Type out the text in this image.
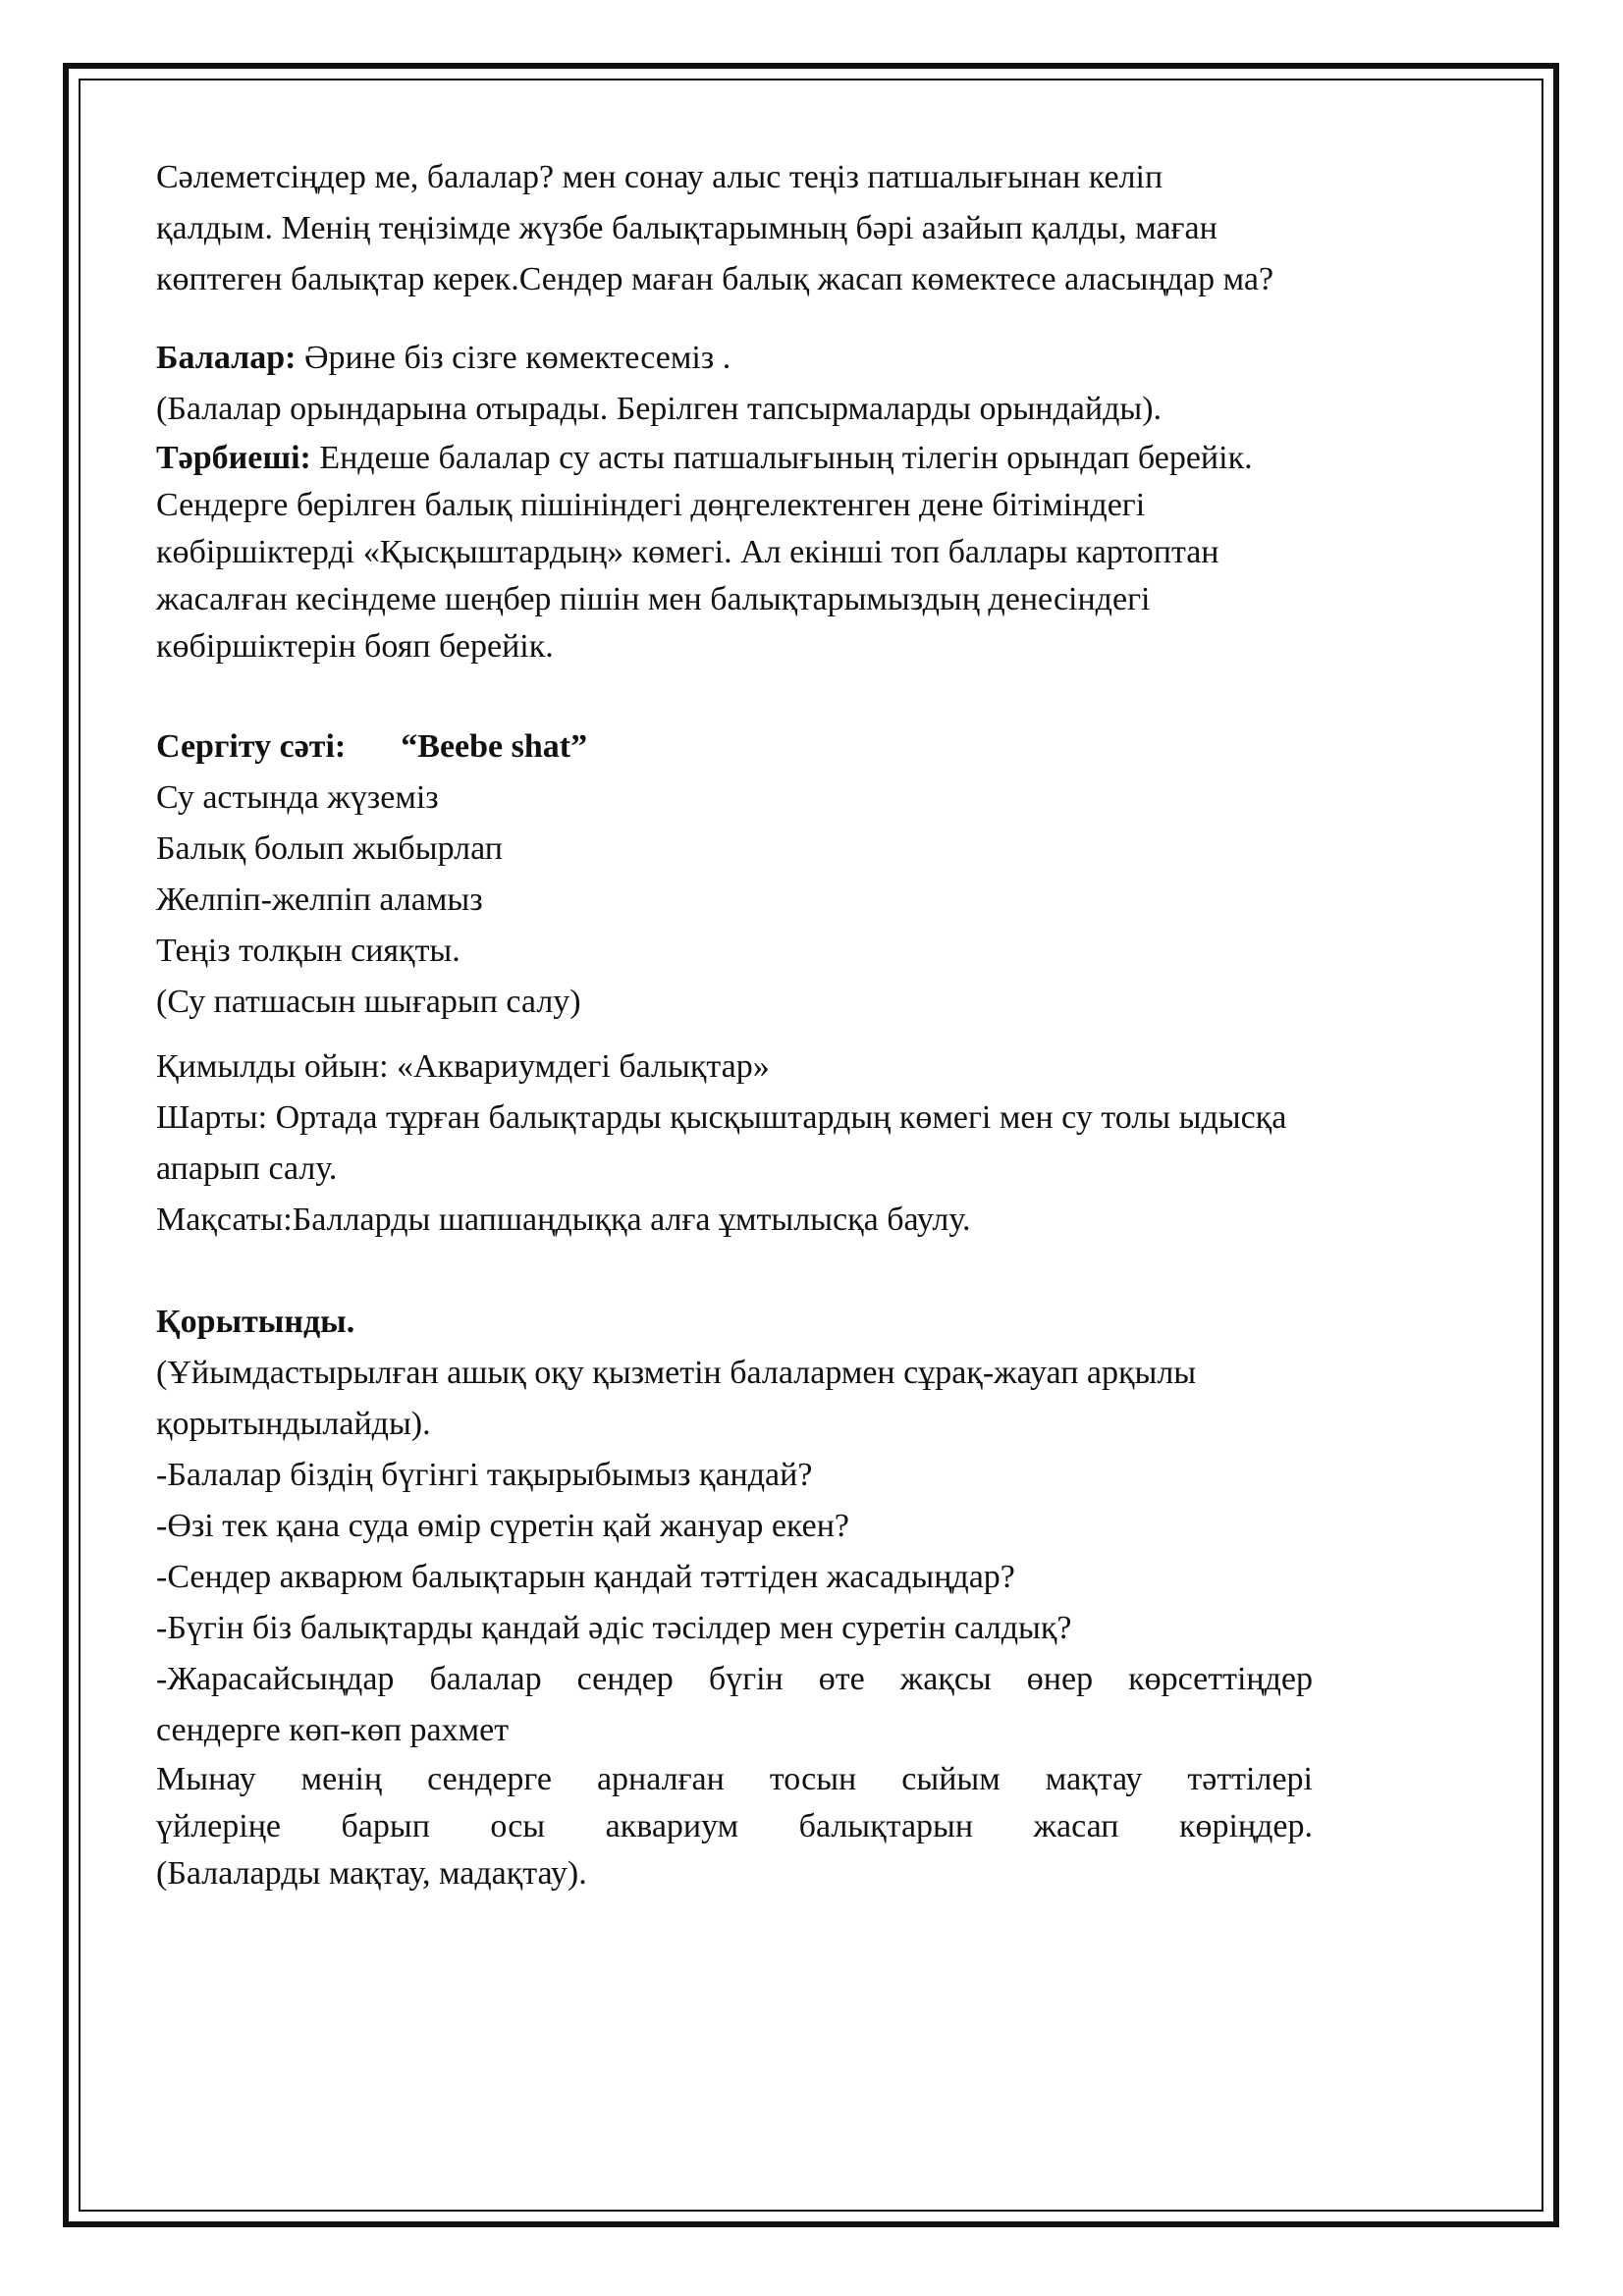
Сәлеметсіңдер ме, балалар? мен сонау алыс теңіз патшалығынан келіп
қалдым. Менің теңізімде жүзбе балықтарымның бәрі азайып қалды, маған
көптеген балықтар керек.Сендер маған балық жасап көмектесе аласыңдар ма?
Балалар: Әрине біз сізге көмектесеміз .
(Балалар орындарына отырады. Берілген тапсырмаларды орындайды).
Тәрбиеші: Ендеше балалар су асты патшалығының тілегін орындап берейік.
Сендерге берілген балық пішініндегі дөңгелектенген дене бітіміндегі
көбіршіктерді «Қысқыштардың» көмегі. Ал екінші топ баллары картоптан
жасалған кесіндеме шеңбер пішін мен балықтарымыздың денесіндегі
көбіршіктерін бояп берейік.
Сергіту сәті: “Beebe shat”
Су астында жүземіз
Балық болып жыбырлап
Желпіп-желпіп аламыз
Теңіз толқын сияқты.
(Су патшасын шығарып салу)
Қимылды ойын: «Аквариумдегі балықтар»
Шарты: Ортада тұрған балықтарды қысқыштардың көмегі мен су толы ыдысқа
апарып салу.
Мақсаты:Балларды шапшаңдыққа алға ұмтылысқа баулу.
Қорытынды.
(Ұйымдастырылған ашық оқу қызметін балалармен сұрақ-жауап арқылы
қорытындылайды).
-Балалар біздің бүгінгі тақырыбымыз қандай?
-Өзі тек қана суда өмір сүретін қай жануар екен?
-Сендер акварюм балықтарын қандай тәттіден жасадыңдар?
-Бүгін біз балықтарды қандай әдіс тәсілдер мен суретін салдық?
-Жарасайсыңдар балалар сендер бүгін өте жақсы өнер көрсеттіңдер
сендерге көп-көп рахмет
Мынау менің сендерге арналған тосын сыйым мақтау тәттілері
үйлеріңе барып осы аквариум балықтарын жасап көріңдер.
(Балаларды мақтау, мадақтау).
